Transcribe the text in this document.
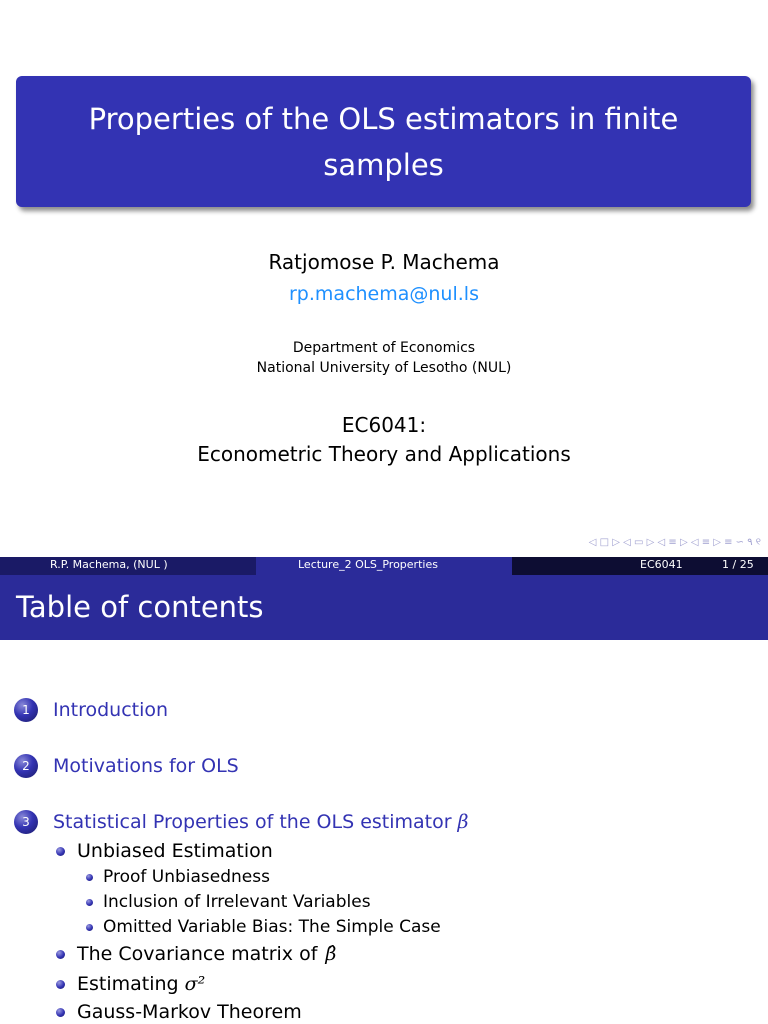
Properties of the OLS estimators in finite samples
Ratjomose P. Machema
rp.machema@nul.ls
Department of Economics
National University of Lesotho (NUL)
EC6041:
Econometric Theory and Applications
◁ □ ▷ ◁ ▭ ▷ ◁ ≡ ▷ ◁ ≡ ▷ ≡ ∽ ۹ ୧
R.P. Machema, (NUL )	Lecture_2 OLS_Properties	EC6041	1 / 25
Table of contents
1	Introduction
2	Motivations for OLS
3	Statistical Properties of the OLS estimator β
Unbiased Estimation
Proof Unbiasedness
Inclusion of Irrelevant Variables
Omitted Variable Bias: The Simple Case
The Covariance matrix of β̂
Estimating σ²
Gauss-Markov Theorem
